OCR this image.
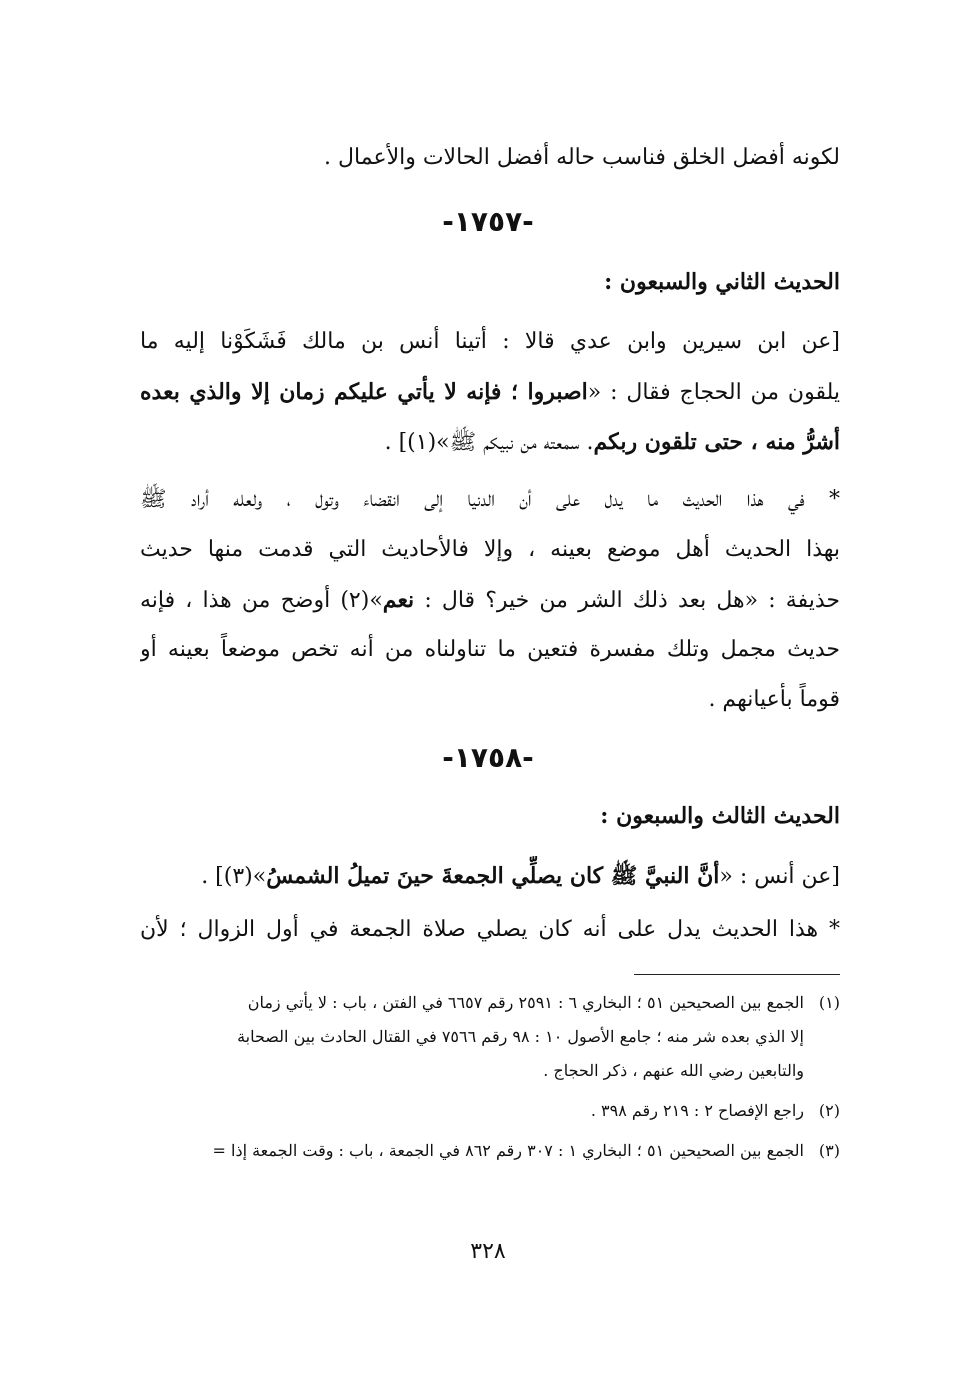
لكونه أفضل الخلق فناسب حاله أفضل الحالات والأعمال .
-١٧٥٧-
الحديث الثاني والسبعون :
[عن ابن سيرين وابن عدي قالا : أتينا أنس بن مالك فَشَكَوْنا إليه ما
يلقون من الحجاج فقال : «اصبروا ؛ فإنه لا يأتي عليكم زمان إلا والذي بعده
أشرُّ منه ، حتى تلقون ربكم. سمعته من نبيكم ﷺ»(١)] .
* في هذا الحديث ما يدل على أن الدنيا إلى انقضاء وتول ، ولعله أراد ﷺ
بهذا الحديث أهل موضع بعينه ، وإلا فالأحاديث التي قدمت منها حديث
حذيفة : «هل بعد ذلك الشر من خير؟ قال : نعم»(٢) أوضح من هذا ، فإنه
حديث مجمل وتلك مفسرة فتعين ما تناولناه من أنه تخص موضعاً بعينه أو
قوماً بأعيانهم .
-١٧٥٨-
الحديث الثالث والسبعون :
[عن أنس : «أنَّ النبيَّ ﷺ كان يصلِّي الجمعةَ حينَ تميلُ الشمسُ»(٣)] .
* هذا الحديث يدل على أنه كان يصلي صلاة الجمعة في أول الزوال ؛ لأن
(١)الجمع بين الصحيحين ٥١ ؛ البخاري ٦ : ٢٥٩١ رقم ٦٦٥٧ في الفتن ، باب : لا يأتي زمان
إلا الذي بعده شر منه ؛ جامع الأصول ١٠ : ٩٨ رقم ٧٥٦٦ في القتال الحادث بين الصحابة
والتابعين رضي الله عنهم ، ذكر الحجاج .
(٢)راجع الإفصاح ٢ : ٢١٩ رقم ٣٩٨ .
(٣)الجمع بين الصحيحين ٥١ ؛ البخاري ١ : ٣٠٧ رقم ٨٦٢ في الجمعة ، باب : وقت الجمعة إذا =
٣٢٨
